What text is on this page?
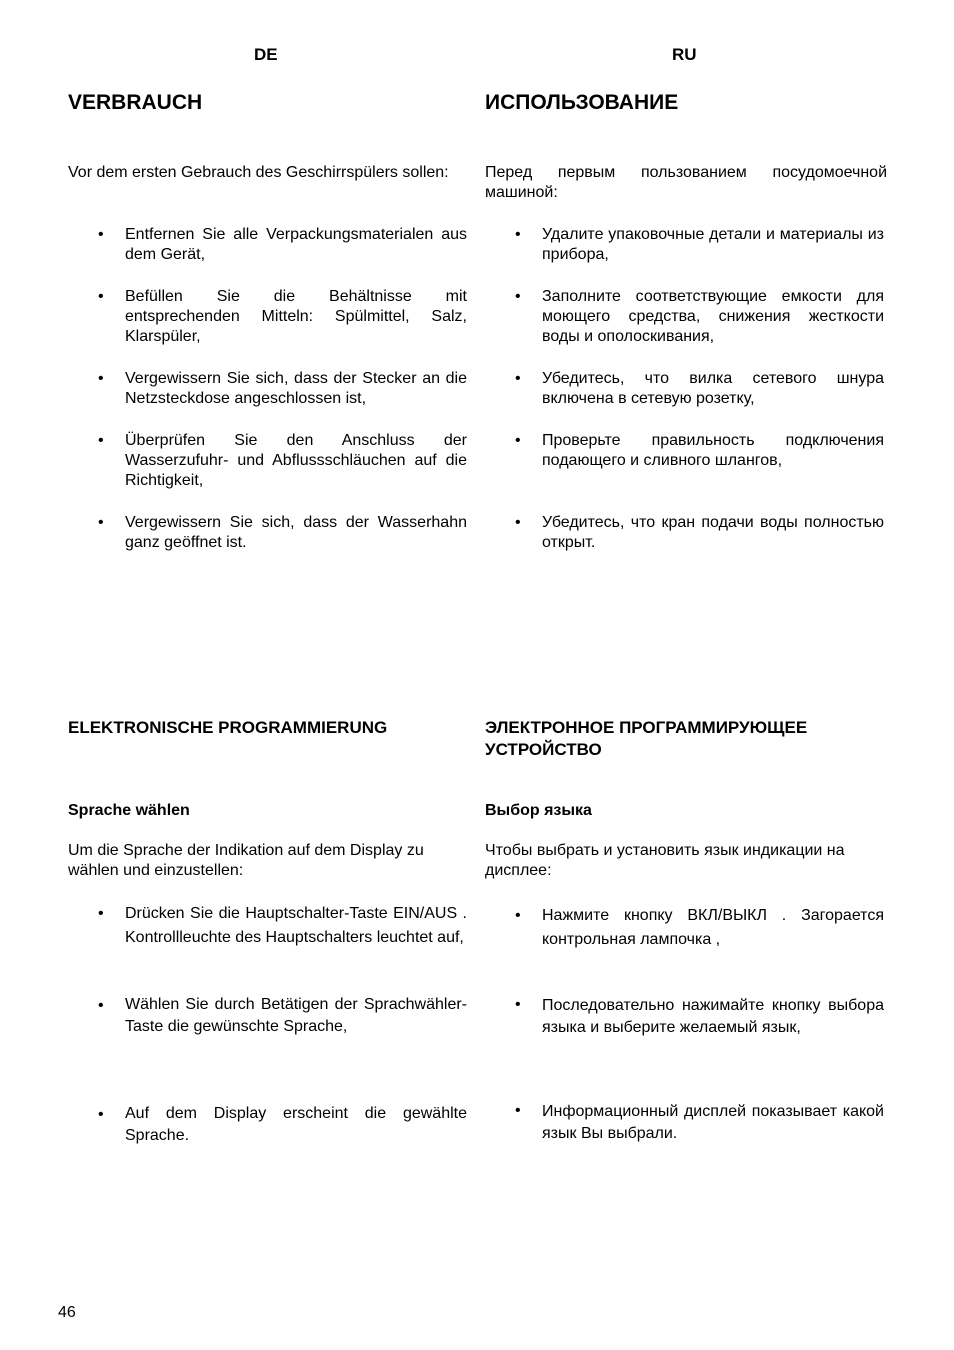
DE	RU
VERBRAUCH	ИСПОЛЬЗОВАНИЕ
Vor dem ersten Gebrauch des Geschirrspülers sollen:	Перед первым пользованием посудомоечной машиной:
• Entfernen Sie alle Verpackungsmaterialen aus dem Gerät,
• Befüllen Sie die Behältnisse mit entsprechenden Mitteln: Spülmittel, Salz, Klarspüler,
• Vergewissern Sie sich, dass der Stecker an die Netzsteckdose angeschlossen ist,
• Überprüfen Sie den Anschluss der Wasserzufuhr- und Abflussschläuchen auf die Richtigkeit,
• Vergewissern Sie sich, dass der Wasserhahn ganz geöffnet ist.
• Удалите упаковочные детали и материалы из прибора,
• Заполните соответствующие емкости для моющего средства, снижения жесткости воды и ополоскивания,
• Убедитесь, что вилка сетевого шнура включена в сетевую розетку,
• Проверьте правильность подключения подающего и сливного шлангов,
• Убедитесь, что кран подачи воды полностью открыт.
ELEKTRONISCHE PROGRAMMIERUNG	ЭЛЕКТРОННОЕ ПРОГРАММИРУЮЩЕЕ УСТРОЙСТВО
Sprache wählen	Выбор языка
Um die Sprache der Indikation auf dem Display zu wählen und einzustellen:
Чтобы выбрать и установить язык индикации на дисплее:
• Drücken Sie die Hauptschalter-Taste EIN/AUS . Kontrollleuchte des Hauptschalters leuchtet auf,
• Wählen Sie durch Betätigen der Sprachwähler-Taste die gewünschte Sprache,
• Auf dem Display erscheint die gewählte Sprache.
• Нажмите кнопку ВКЛ/ВЫКЛ . Загорается контрольная лампочка ,
• Последовательно нажимайте кнопку выбора языка и выберите желаемый язык,
• Информационный дисплей показывает какой язык Вы выбрали.
46
